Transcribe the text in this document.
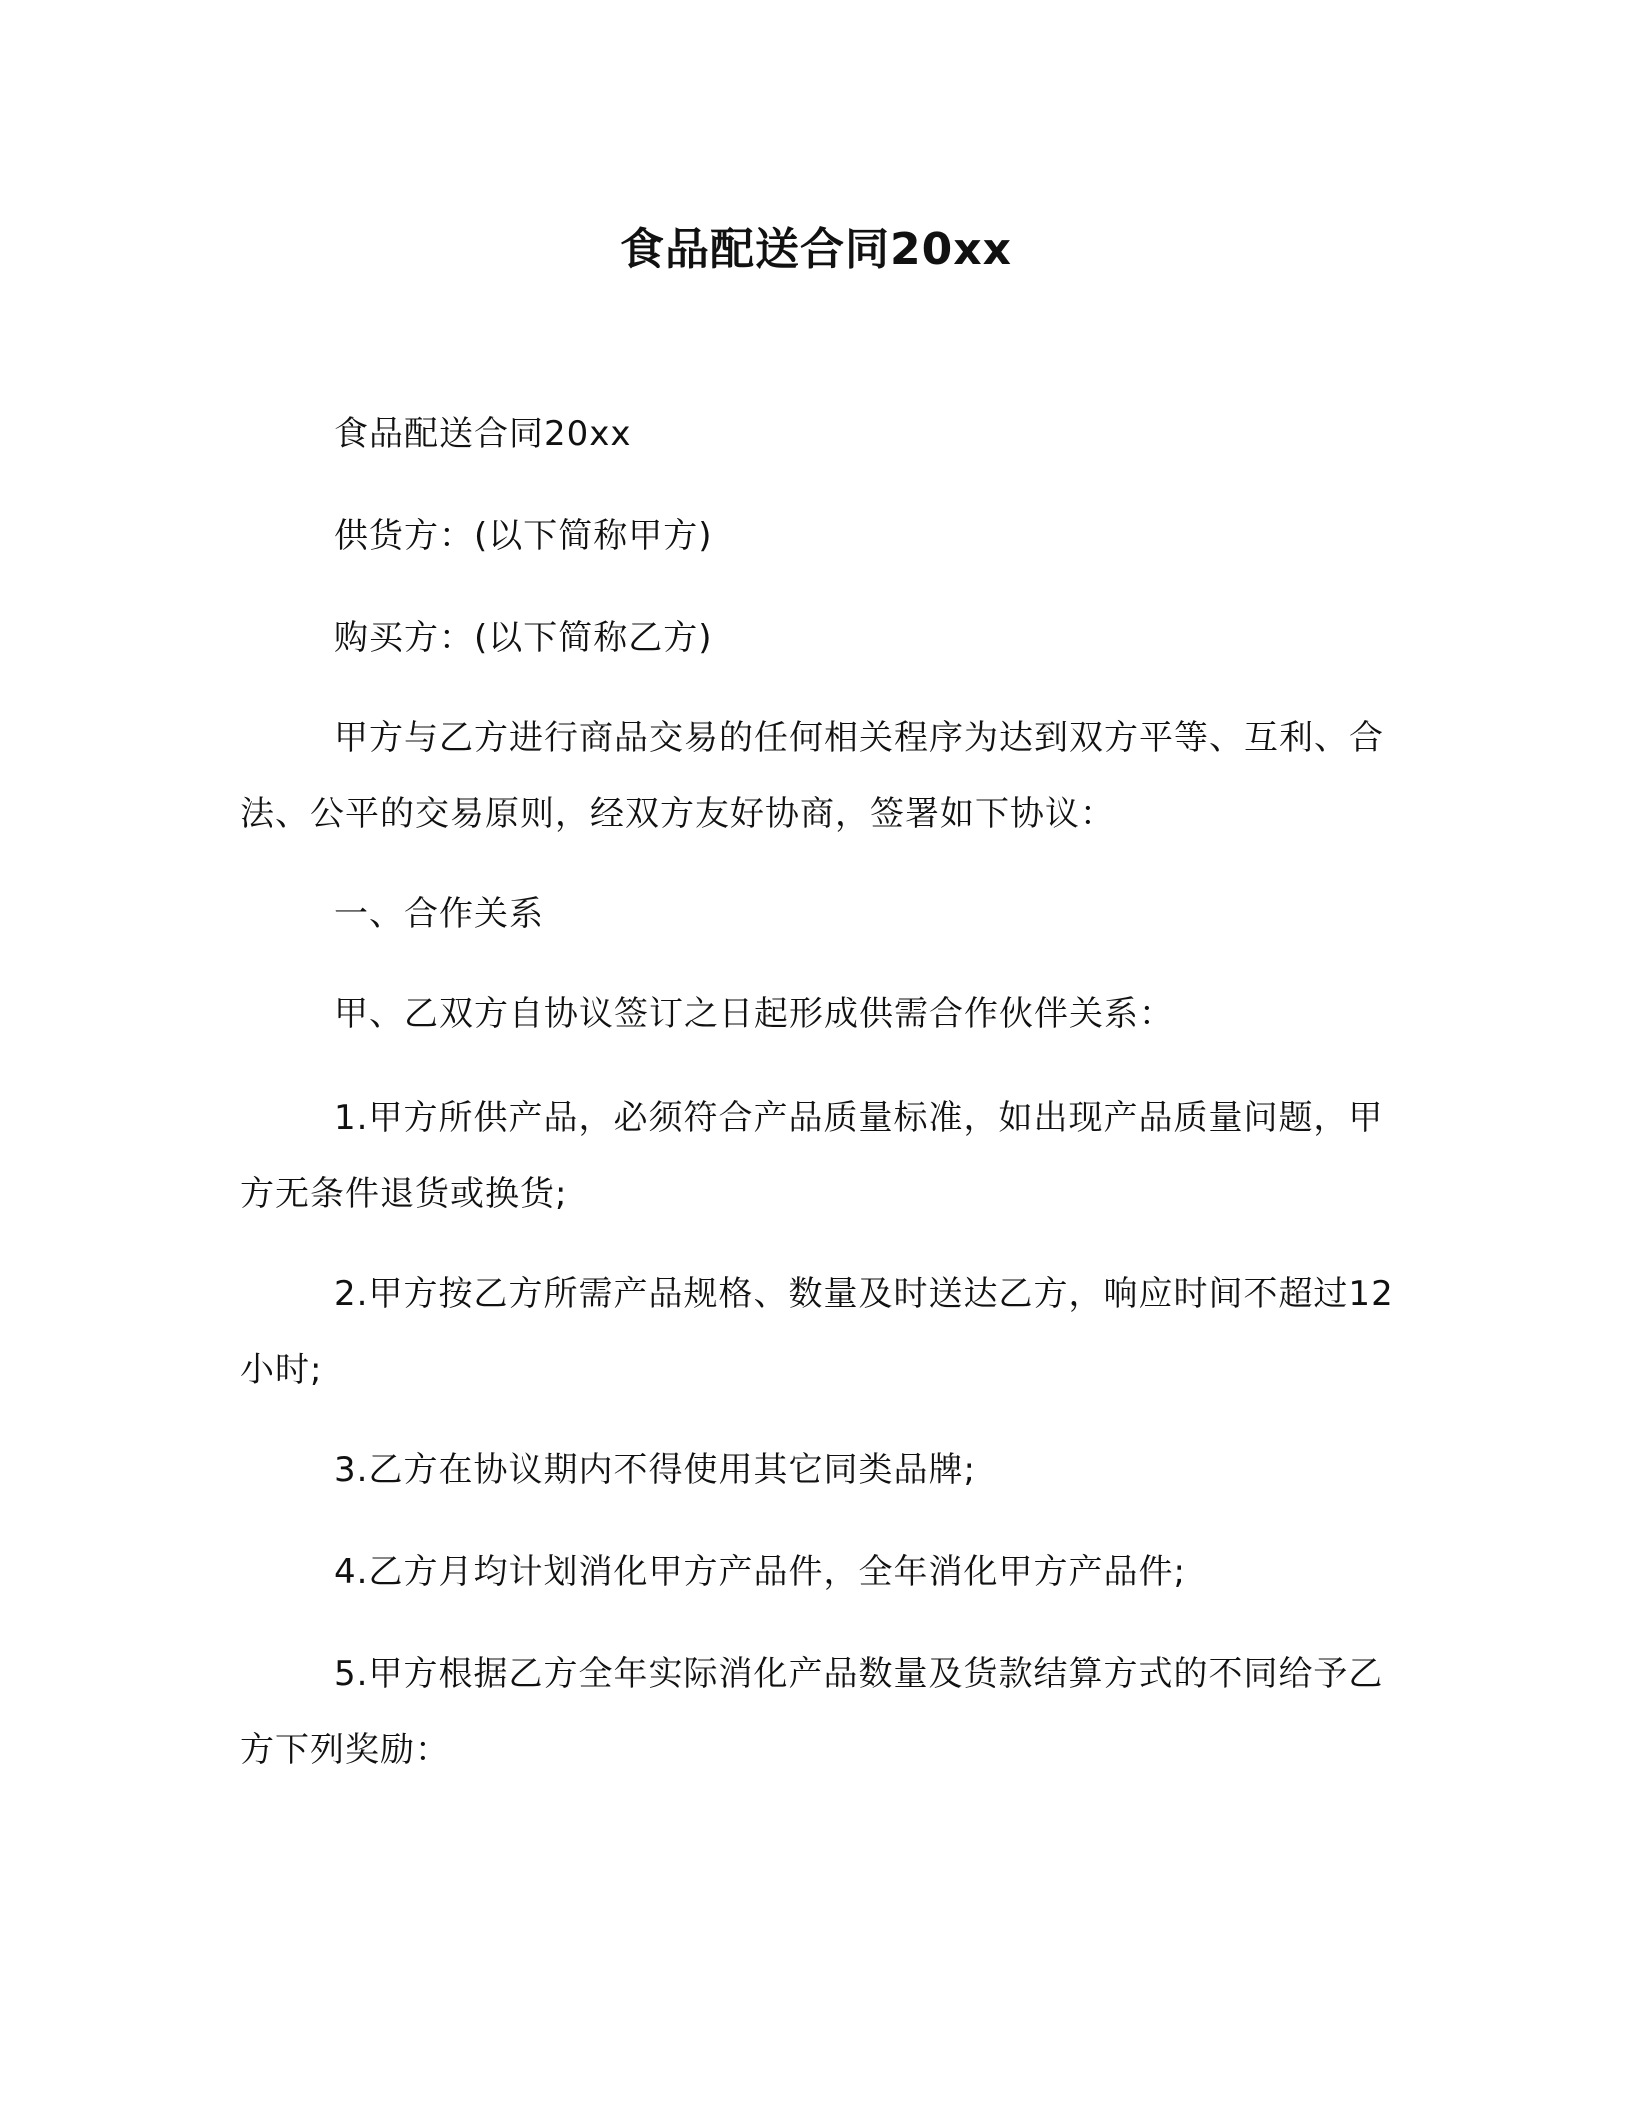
食品配送合同20xx

食品配送合同20xx

供货方：(以下简称甲方)

购买方：(以下简称乙方)

甲方与乙方进行商品交易的任何相关程序为达到双方平等、互利、合法、公平的交易原则，经双方友好协商，签署如下协议：

一、合作关系

甲、乙双方自协议签订之日起形成供需合作伙伴关系：

1.甲方所供产品，必须符合产品质量标准，如出现产品质量问题，甲方无条件退货或换货;

2.甲方按乙方所需产品规格、数量及时送达乙方，响应时间不超过12小时;

3.乙方在协议期内不得使用其它同类品牌;

4.乙方月均计划消化甲方产品件，全年消化甲方产品件;

5.甲方根据乙方全年实际消化产品数量及货款结算方式的不同给予乙方下列奖励：
